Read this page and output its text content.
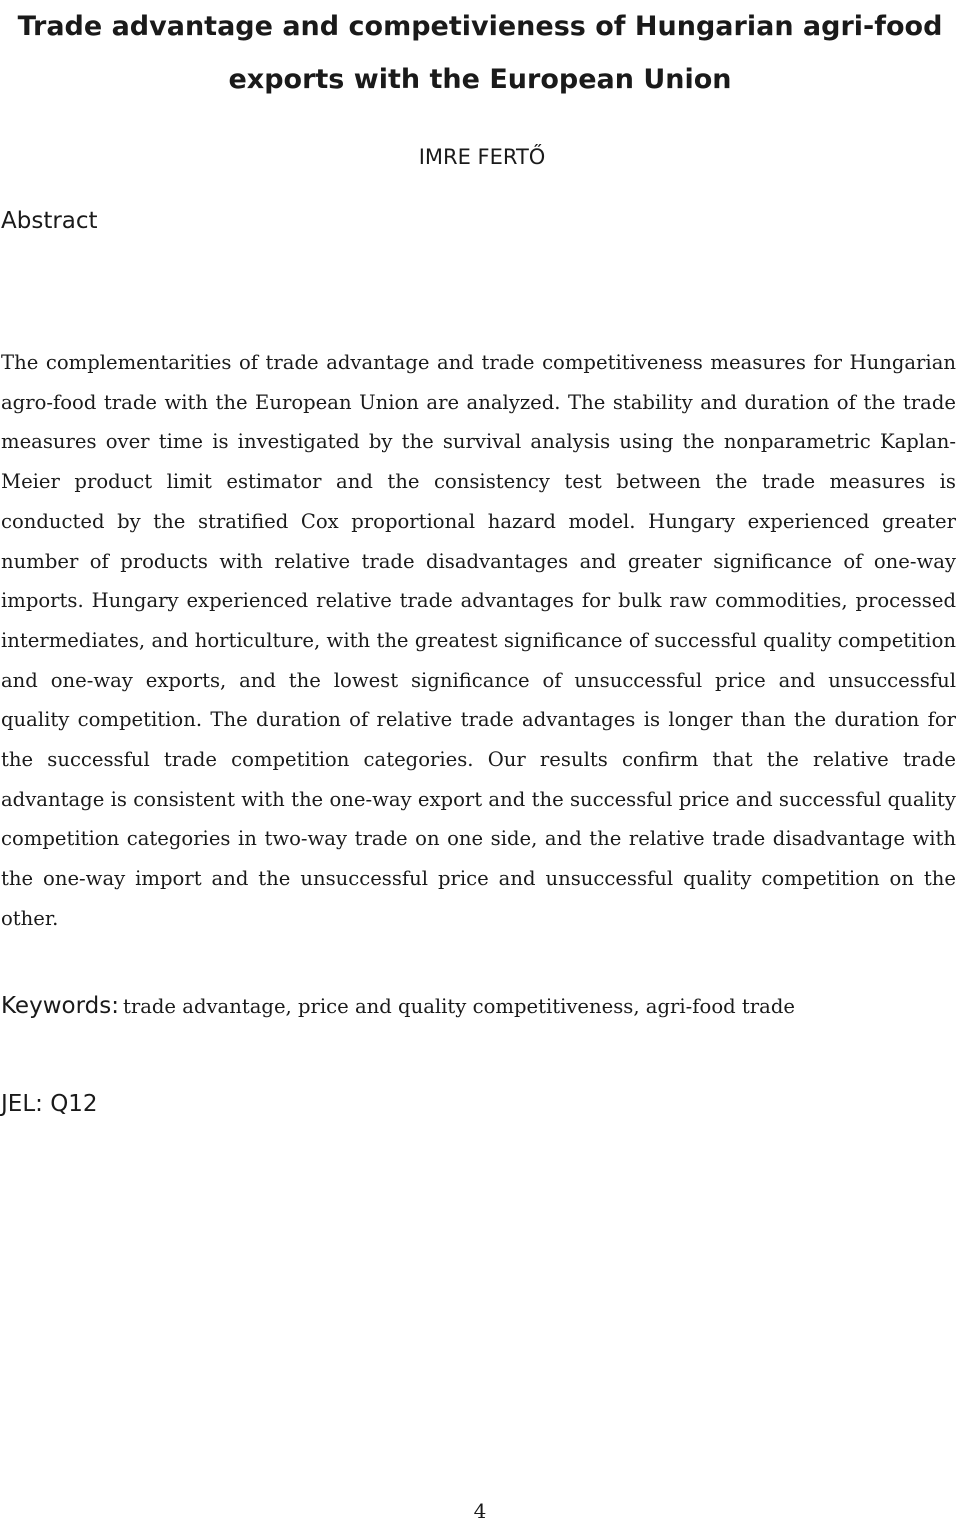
Trade advantage and competivieness of Hungarian agri-food exports with the European Union
IMRE FERTŐ
Abstract

The complementarities of trade advantage and trade competitiveness measures for Hungarian agro-food trade with the European Union are analyzed. The stability and duration of the trade measures over time is investigated by the survival analysis using the nonparametric Kaplan-Meier product limit estimator and the consistency test between the trade measures is conducted by the stratified Cox proportional hazard model. Hungary experienced greater number of products with relative trade disadvantages and greater significance of one-way imports. Hungary experienced relative trade advantages for bulk raw commodities, processed intermediates, and horticulture, with the greatest significance of successful quality competition and one-way exports, and the lowest significance of unsuccessful price and unsuccessful quality competition. The duration of relative trade advantages is longer than the duration for the successful trade competition categories. Our results confirm that the relative trade advantage is consistent with the one-way export and the successful price and successful quality competition categories in two-way trade on one side, and the relative trade disadvantage with the one-way import and the unsuccessful price and unsuccessful quality competition on the other.

Keywords: trade advantage, price and quality competitiveness, agri-food trade

JEL: Q12

4
